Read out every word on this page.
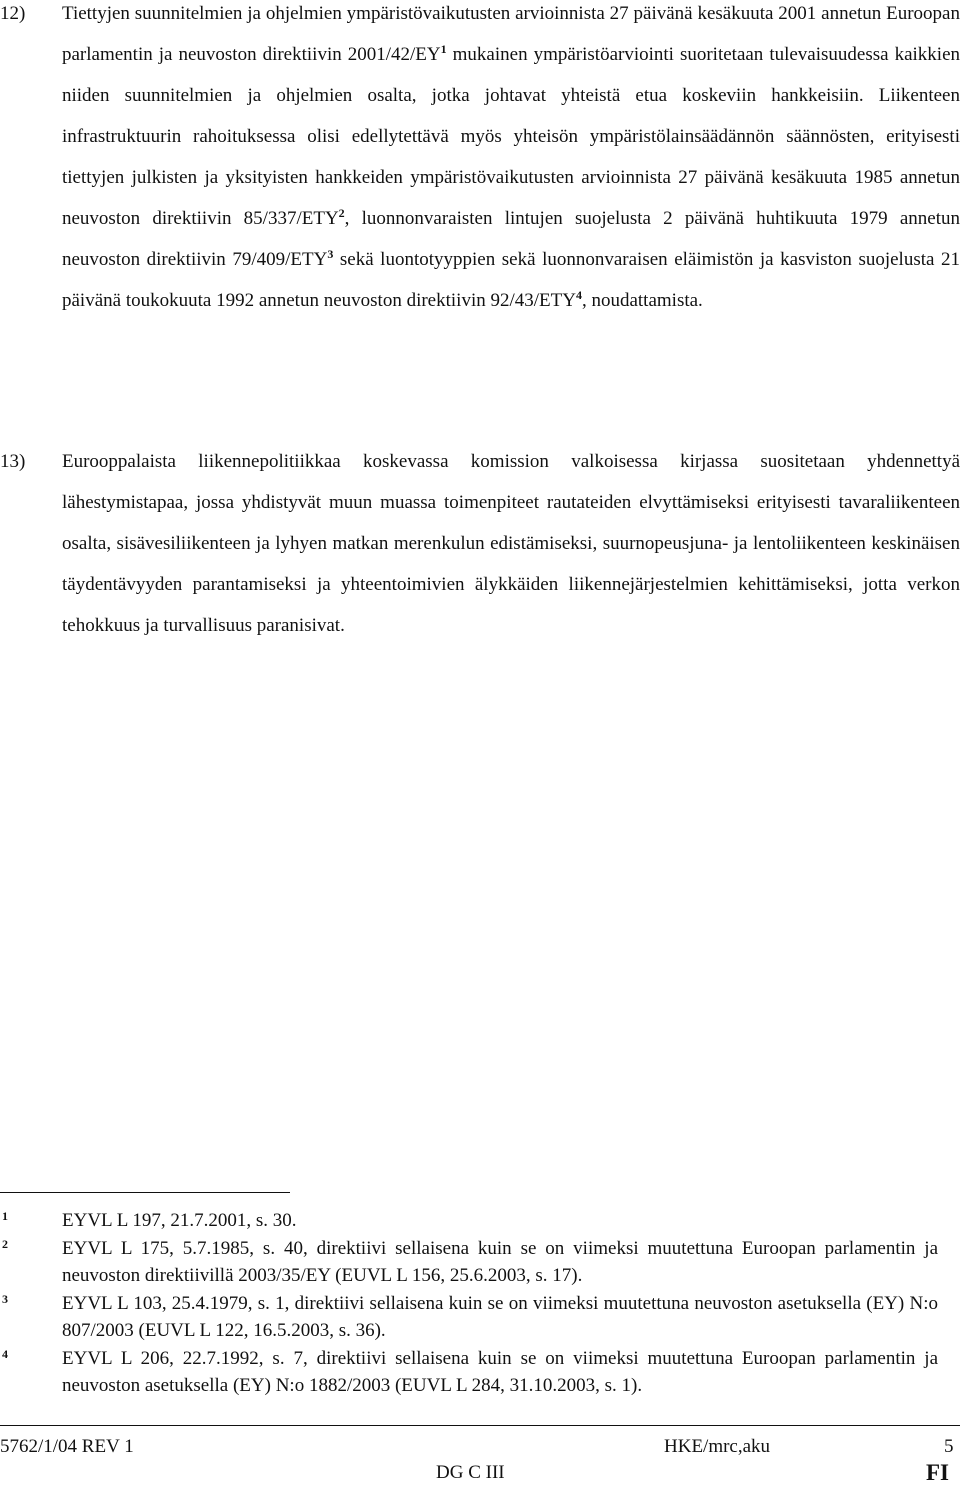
12) Tiettyjen suunnitelmien ja ohjelmien ympäristövaikutusten arvioinnista 27 päivänä kesäkuuta 2001 annetun Euroopan parlamentin ja neuvoston direktiivin 2001/42/EY$^1$ mukainen ympäristöarviointi suoritetaan tulevaisuudessa kaikkien niiden suunnitelmien ja ohjelmien osalta, jotka johtavat yhteistä etua koskeviin hankkeisiin. Liikenteen infrastruktuurin rahoituksessa olisi edellytettävä myös yhteisön ympäristölainsäädännön säännösten, erityisesti tiettyjen julkisten ja yksityisten hankkeiden ympäristövaikutusten arvioinnista 27 päivänä kesäkuuta 1985 annetun neuvoston direktiivin 85/337/ETY$^2$, luonnonvaraisten lintujen suojelusta 2 päivänä huhtikuuta 1979 annetun neuvoston direktiivin 79/409/ETY$^3$ sekä luontotyyppien sekä luonnonvaraisen eläimistön ja kasviston suojelusta 21 päivänä toukokuuta 1992 annetun neuvoston direktiivin 92/43/ETY$^4$, noudattamista.
13) Eurooppalaista liikennepolitiikkaa koskevassa komission valkoisessa kirjassa suositetaan yhdennettyä lähestymistapaa, jossa yhdistyvät muun muassa toimenpiteet rautateiden elvyttämiseksi erityisesti tavaraliikenteen osalta, sisävesiliikenteen ja lyhyen matkan merenkulun edistämiseksi, suurnopeusjuna- ja lentoliikenteen keskinäisen täydentävyyden parantamiseksi ja yhteentoimivien älykkäiden liikennejärjestelmien kehittämiseksi, jotta verkon tehokkuus ja turvallisuus paranisivat.
1	EYVL L 197, 21.7.2001, s. 30.
2	EYVL L 175, 5.7.1985, s. 40, direktiivi sellaisena kuin se on viimeksi muutettuna Euroopan parlamentin ja neuvoston direktiivillä 2003/35/EY (EUVL L 156, 25.6.2003, s. 17).
3	EYVL L 103, 25.4.1979, s. 1, direktiivi sellaisena kuin se on viimeksi muutettuna neuvoston asetuksella (EY) N:o 807/2003 (EUVL L 122, 16.5.2003, s. 36).
4	EYVL L 206, 22.7.1992, s. 7, direktiivi sellaisena kuin se on viimeksi muutettuna Euroopan parlamentin ja neuvoston asetuksella (EY) N:o 1882/2003 (EUVL L 284, 31.10.2003, s. 1).
5762/1/04 REV 1
DG C III
HKE/mrc,aku	5
FI
